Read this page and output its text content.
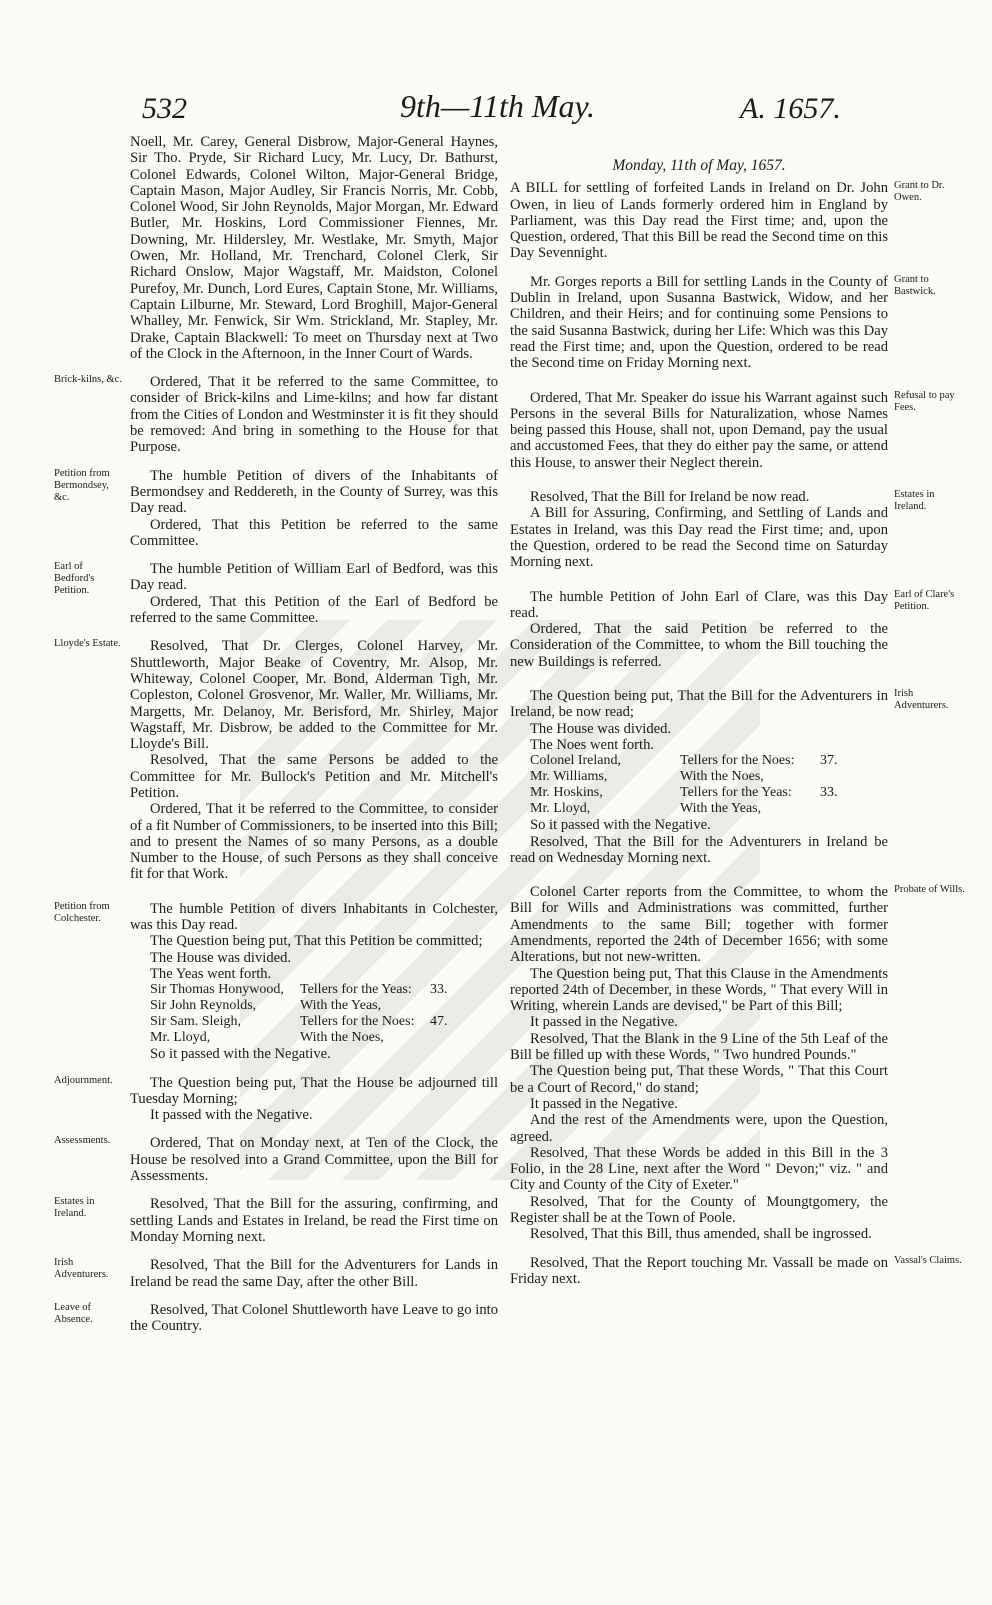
532	9th—11th May.	A. 1657.

Noell, Mr. Carey, General Disbrow, Major-General Haynes, Sir Tho. Pryde, Sir Richard Lucy, Mr. Lucy, Dr. Bathurst, Colonel Edwards, Colonel Wilton, Major-General Bridge, Captain Mason, Major Audley, Sir Francis Norris, Mr. Cobb, Colonel Wood, Sir John Reynolds, Major Morgan, Mr. Edward Butler, Mr. Hoskins, Lord Commissioner Fiennes, Mr. Downing, Mr. Hildersley, Mr. Westlake, Mr. Smyth, Major Owen, Mr. Holland, Mr. Trenchard, Colonel Clerk, Sir Richard Onslow, Major Wagstaff, Mr. Maidston, Colonel Purefoy, Mr. Dunch, Lord Eures, Captain Stone, Mr. Williams, Captain Lilburne, Mr. Steward, Lord Broghill, Major-General Whalley, Mr. Fenwick, Sir Wm. Strickland, Mr. Stapley, Mr. Drake, Captain Blackwell: To meet on Thursday next at Two of the Clock in the Afternoon, in the Inner Court of Wards.

Brick-kilns, &c.	Ordered, That it be referred to the same Committee, to consider of Brick-kilns and Lime-kilns; and how far distant from the Cities of London and Westminster it is fit they should be removed: And bring in something to the House for that Purpose.

Petition from Bermondsey, &c.

The humble Petition of divers of the Inhabitants of Bermondsey and Reddereth, in the County of Surrey, was this Day read.

Ordered, That this Petition be referred to the same Committee.

Earl of Bedford's Petition.

The humble Petition of William Earl of Bedford, was this Day read.

Ordered, That this Petition of the Earl of Bedford be referred to the same Committee.

Lloyde's Estate.	Resolved, That Dr. Clerges, Colonel Harvey, Mr. Shuttleworth, Major Beake of Coventry, Mr. Alsop, Mr. Whiteway, Colonel Cooper, Mr. Bond, Alderman Tigh, Mr. Copleston, Colonel Grosvenor, Mr. Waller, Mr. Williams, Mr. Margetts, Mr. Delanoy, Mr. Berisford, Mr. Shirley, Major Wagstaff, Mr. Disbrow, be added to the Committee for Mr. Lloyde's Bill.

Resolved, That the same Persons be added to the Committee for Mr. Bullock's Petition and Mr. Mitchell's Petition.

Ordered, That it be referred to the Committee, to consider of a fit Number of Commissioners, to be inserted into this Bill; and to present the Names of so many Persons, as a double Number to the House, of such Persons as they shall conceive fit for that Work.

Petition from Colchester.

The humble Petition of divers Inhabitants in Colchester, was this Day read.

The Question being put, That this Petition be committed;

The House was divided.

The Yeas went forth.

Sir Thomas Honywood,	Tellers for the Yeas:	33.
Sir John Reynolds,	With the Yeas,
Sir Sam. Sleigh,	Tellers for the Noes:	47.
Mr. Lloyd,	With the Noes,

So it passed with the Negative.

Adjournment.	The Question being put, That the House be adjourned till Tuesday Morning;

It passed with the Negative.

Assessments.	Ordered, That on Monday next, at Ten of the Clock, the House be resolved into a Grand Committee, upon the Bill for Assessments.

Estates in Ireland.

Resolved, That the Bill for the assuring, confirming, and settling Lands and Estates in Ireland, be read the First time on Monday Morning next.

Irish Adventurers.

Resolved, That the Bill for the Adventurers for Lands in Ireland be read the same Day, after the other Bill.

Leave of Absence.

Resolved, That Colonel Shuttleworth have Leave to go into the Country.

Monday, 11th of May, 1657.

Grant to Dr. Owen.

A BILL for settling of forfeited Lands in Ireland on Dr. John Owen, in lieu of Lands formerly ordered him in England by Parliament, was this Day read the First time; and, upon the Question, ordered, That this Bill be read the Second time on this Day Sevennight.

Grant to Bastwick.

Mr. Gorges reports a Bill for settling Lands in the County of Dublin in Ireland, upon Susanna Bastwick, Widow, and her Children, and their Heirs; and for continuing some Pensions to the said Susanna Bastwick, during her Life: Which was this Day read the First time; and, upon the Question, ordered to be read the Second time on Friday Morning next.

Refusal to pay Fees.

Ordered, That Mr. Speaker do issue his Warrant against such Persons in the several Bills for Naturalization, whose Names being passed this House, shall not, upon Demand, pay the usual and accustomed Fees, that they do either pay the same, or attend this House, to answer their Neglect therein.

Estates in Ireland.

Resolved, That the Bill for Ireland be now read.

A Bill for Assuring, Confirming, and Settling of Lands and Estates in Ireland, was this Day read the First time; and, upon the Question, ordered to be read the Second time on Saturday Morning next.

Earl of Clare's Petition.

The humble Petition of John Earl of Clare, was this Day read.

Ordered, That the said Petition be referred to the Consideration of the Committee, to whom the Bill touching the new Buildings is referred.

Irish Adventurers.

The Question being put, That the Bill for the Adventurers in Ireland, be now read;

The House was divided.

The Noes went forth.

Colonel Ireland,	Tellers for the Noes:	37.
Mr. Williams,	With the Noes,
Mr. Hoskins,	Tellers for the Yeas:	33.
Mr. Lloyd,	With the Yeas,

So it passed with the Negative.

Resolved, That the Bill for the Adventurers in Ireland be read on Wednesday Morning next.

Probate of Wills.

Colonel Carter reports from the Committee, to whom the Bill for Wills and Administrations was committed, further Amendments to the same Bill; together with former Amendments, reported the 24th of December 1656; with some Alterations, but not new-written.

The Question being put, That this Clause in the Amendments reported 24th of December, in these Words, " That every Will in Writing, wherein Lands are devised," be Part of this Bill;

It passed in the Negative.

Resolved, That the Blank in the 9 Line of the 5th Leaf of the Bill be filled up with these Words, " Two hundred Pounds."

The Question being put, That these Words, " That this Court be a Court of Record," do stand;

It passed in the Negative.

And the rest of the Amendments were, upon the Question, agreed.

Resolved, That these Words be added in this Bill in the 3 Folio, in the 28 Line, next after the Word " Devon;" viz. " and City and County of the City of Exeter."

Resolved, That for the County of Moungtgomery, the Register shall be at the Town of Poole.

Resolved, That this Bill, thus amended, shall be ingrossed.

Vassal's Claims.

Resolved, That the Report touching Mr. Vassall be made on Friday next.
